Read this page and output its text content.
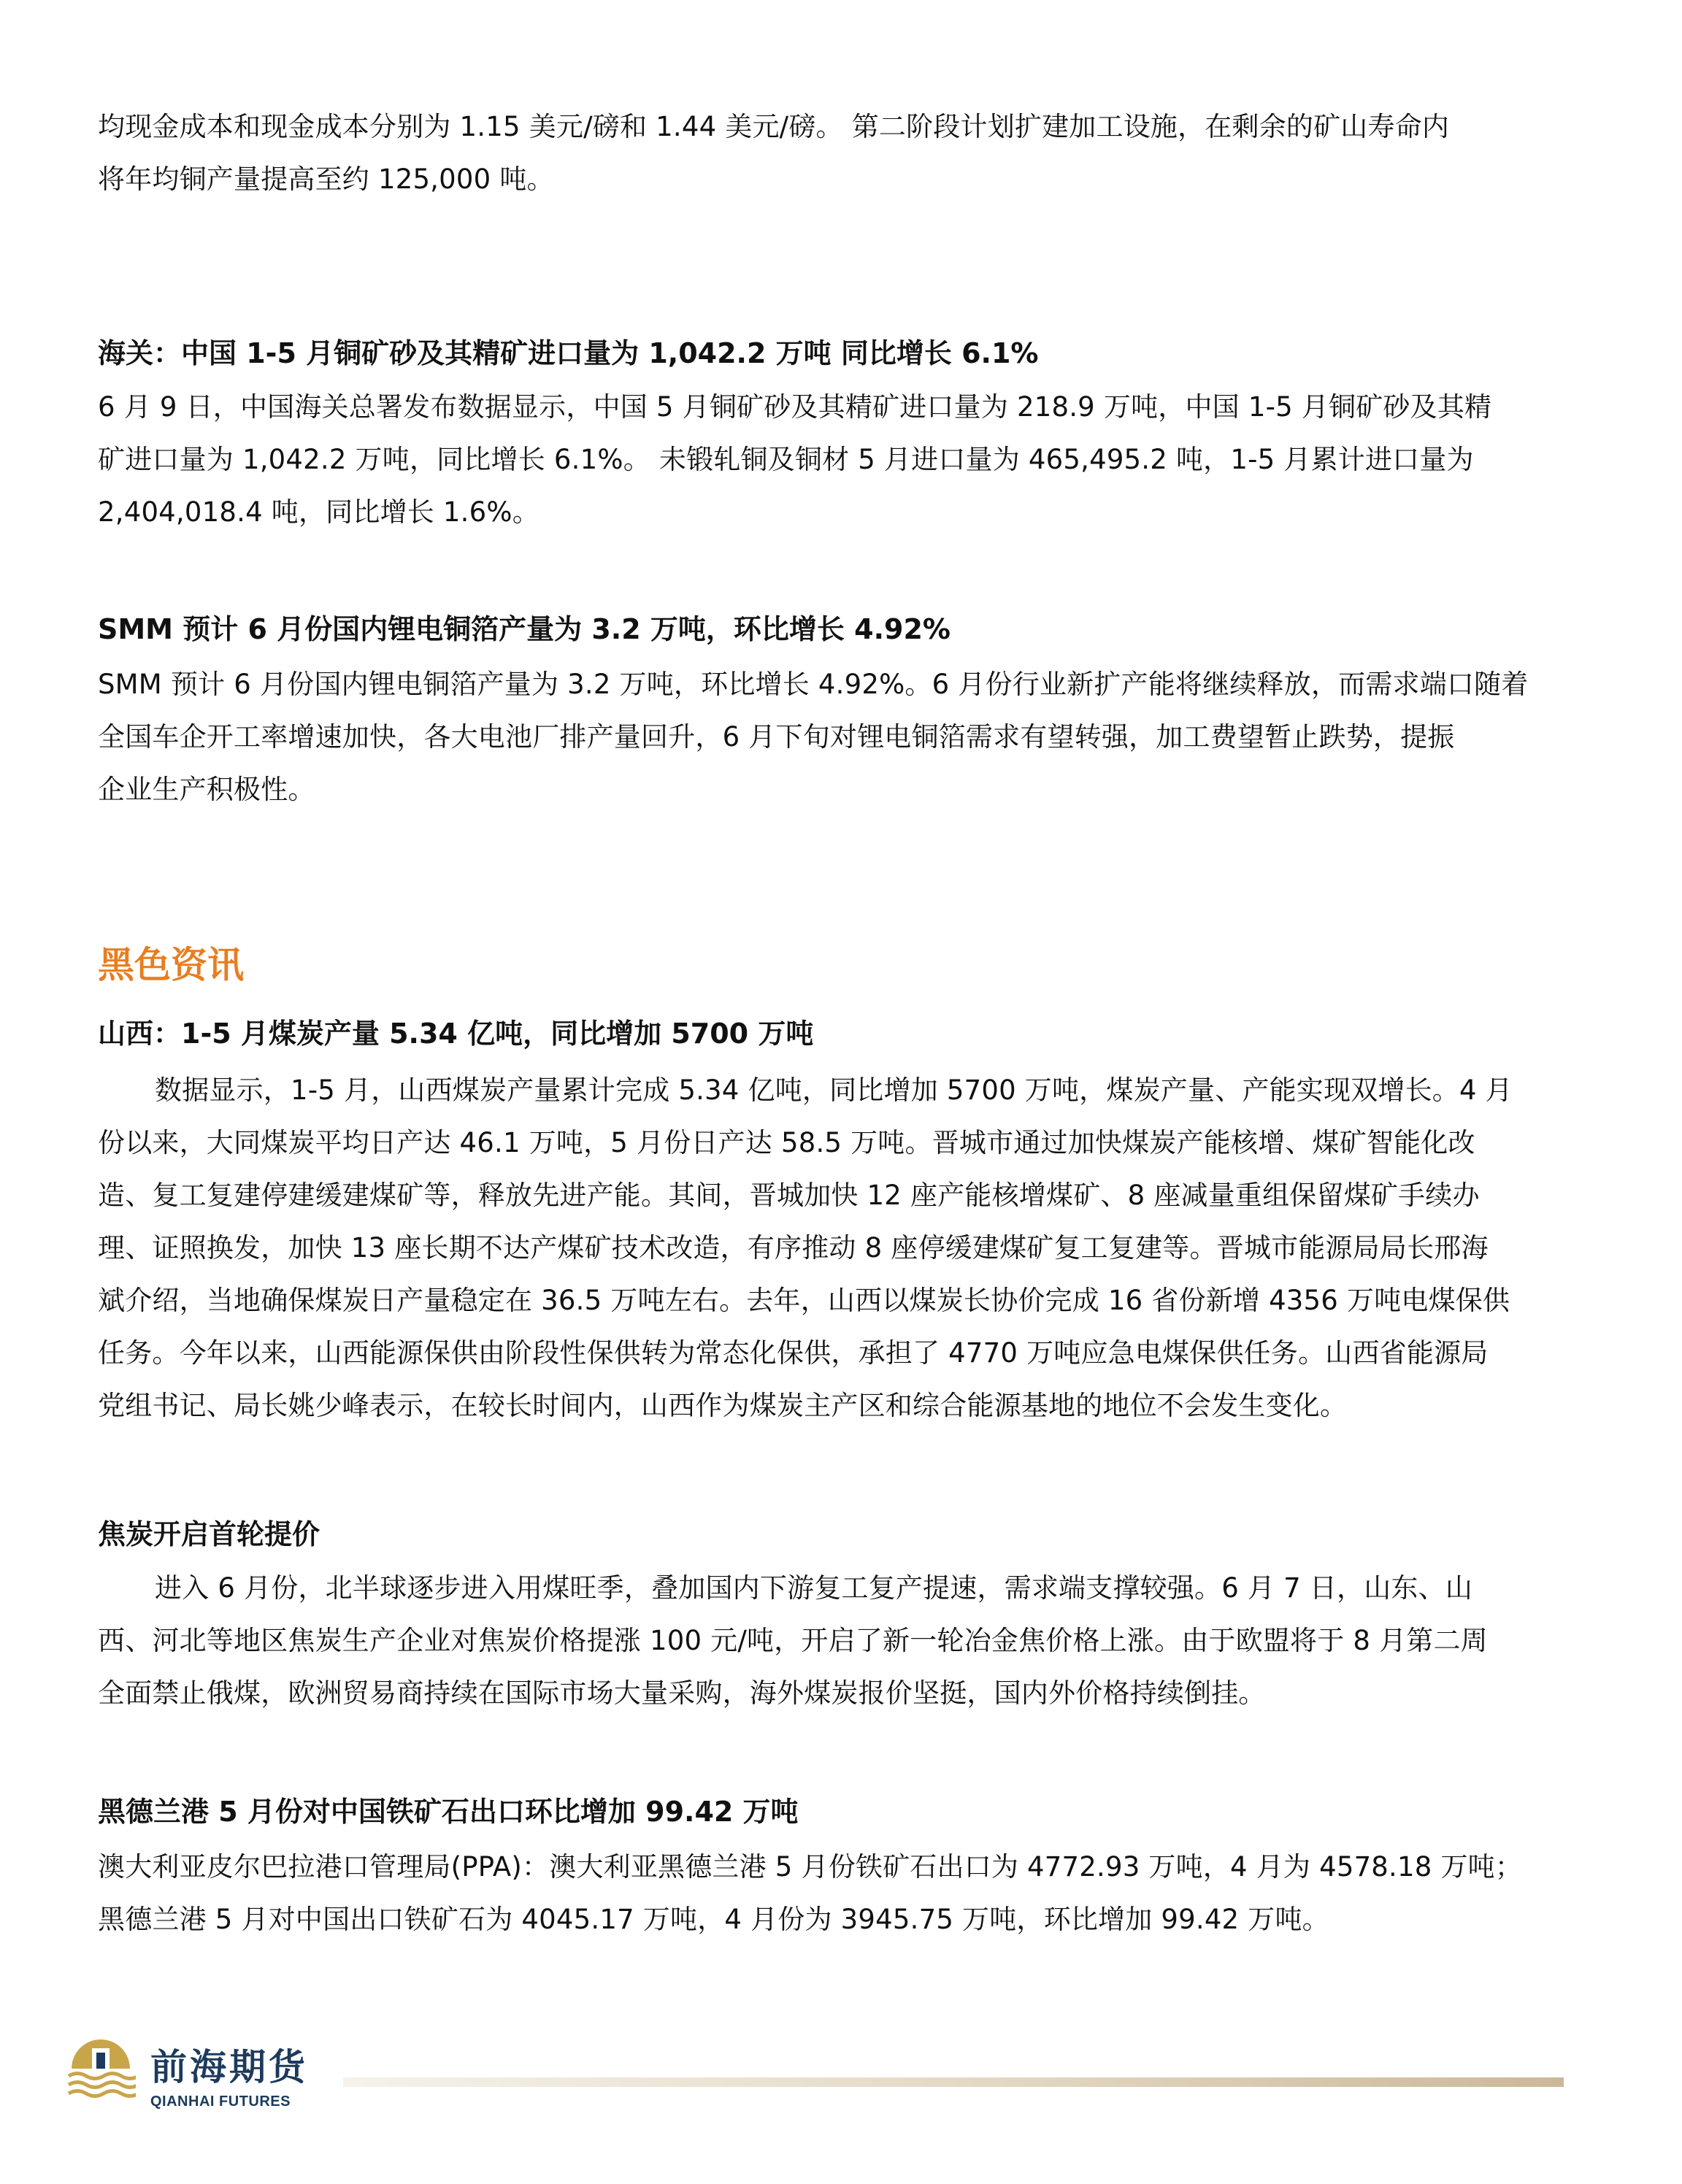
均现金成本和现金成本分别为 1.15 美元/磅和 1.44 美元/磅。 第二阶段计划扩建加工设施，在剩余的矿山寿命内

将年均铜产量提高至约 125,000 吨。

海关：中国 1-5 月铜矿砂及其精矿进口量为 1,042.2 万吨 同比增长 6.1%

6 月 9 日，中国海关总署发布数据显示，中国 5 月铜矿砂及其精矿进口量为 218.9 万吨，中国 1-5 月铜矿砂及其精

矿进口量为 1,042.2 万吨，同比增长 6.1%。 未锻轧铜及铜材 5 月进口量为 465,495.2 吨，1-5 月累计进口量为

2,404,018.4 吨，同比增长 1.6%。

SMM 预计 6 月份国内锂电铜箔产量为 3.2 万吨，环比增长 4.92%

SMM 预计 6 月份国内锂电铜箔产量为 3.2 万吨，环比增长 4.92%。6 月份行业新扩产能将继续释放，而需求端口随着

全国车企开工率增速加快，各大电池厂排产量回升，6 月下旬对锂电铜箔需求有望转强，加工费望暂止跌势，提振

企业生产积极性。

黑色资讯
山西：1-5 月煤炭产量 5.34 亿吨，同比增加 5700 万吨

数据显示，1-5 月，山西煤炭产量累计完成 5.34 亿吨，同比增加 5700 万吨，煤炭产量、产能实现双增长。4 月

份以来，大同煤炭平均日产达 46.1 万吨，5 月份日产达 58.5 万吨。晋城市通过加快煤炭产能核增、煤矿智能化改

造、复工复建停建缓建煤矿等，释放先进产能。其间，晋城加快 12 座产能核增煤矿、8 座减量重组保留煤矿手续办

理、证照换发，加快 13 座长期不达产煤矿技术改造，有序推动 8 座停缓建煤矿复工复建等。晋城市能源局局长邢海

斌介绍，当地确保煤炭日产量稳定在 36.5 万吨左右。去年，山西以煤炭长协价完成 16 省份新增 4356 万吨电煤保供

任务。今年以来，山西能源保供由阶段性保供转为常态化保供，承担了 4770 万吨应急电煤保供任务。山西省能源局

党组书记、局长姚少峰表示，在较长时间内，山西作为煤炭主产区和综合能源基地的地位不会发生变化。

焦炭开启首轮提价

进入 6 月份，北半球逐步进入用煤旺季，叠加国内下游复工复产提速，需求端支撑较强。6 月 7 日，山东、山

西、河北等地区焦炭生产企业对焦炭价格提涨 100 元/吨，开启了新一轮冶金焦价格上涨。由于欧盟将于 8 月第二周

全面禁止俄煤，欧洲贸易商持续在国际市场大量采购，海外煤炭报价坚挺，国内外价格持续倒挂。

黑德兰港 5 月份对中国铁矿石出口环比增加 99.42 万吨

澳大利亚皮尔巴拉港口管理局(PPA)：澳大利亚黑德兰港 5 月份铁矿石出口为 4772.93 万吨，4 月为 4578.18 万吨；

黑德兰港 5 月对中国出口铁矿石为 4045.17 万吨，4 月份为 3945.75 万吨，环比增加 99.42 万吨。

前海期货

QIANHAI FUTURES
